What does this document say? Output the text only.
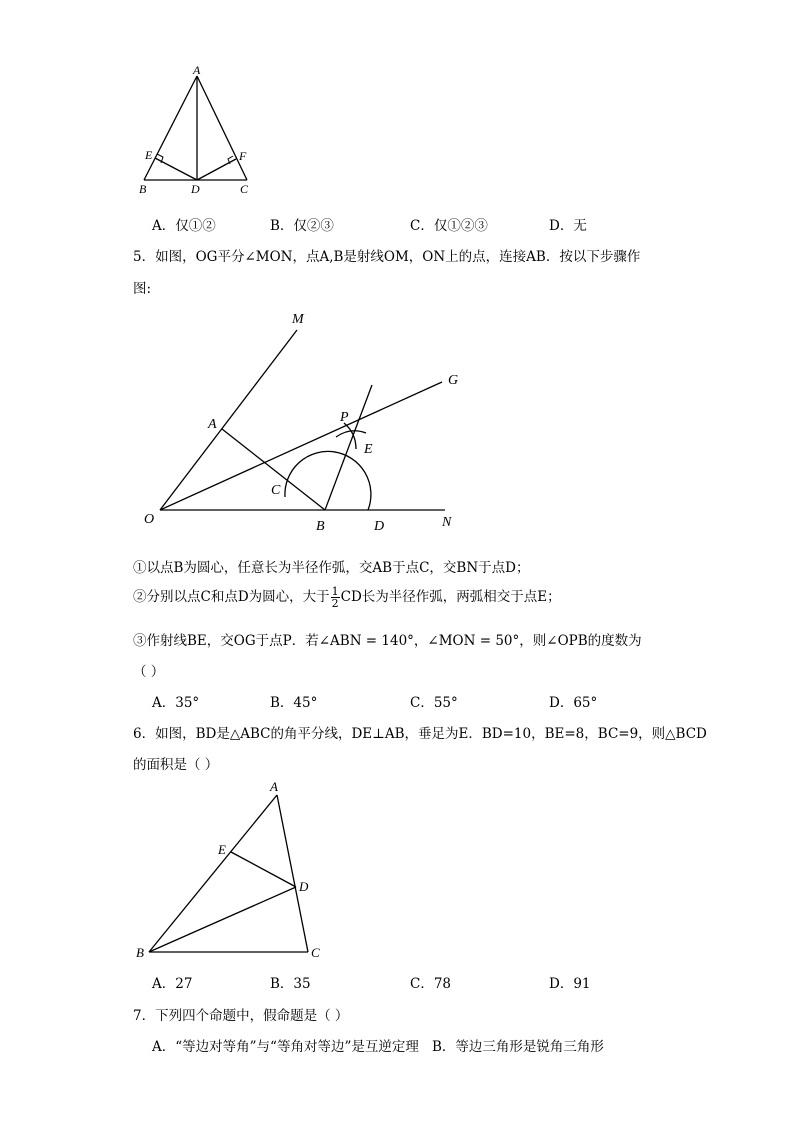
A
E	F
B	D	C
A．仅①②	B．仅②③	C．仅①②③	D．无
5．如图，OG平分∠MON，点A,B是射线OM，ON上的点，连接AB．按以下步骤作
图:
M
G
A	P
E
C
O	B	D	N
①以点B为圆心，任意长为半径作弧，交AB于点C，交BN于点D；
②分别以点C和点D为圆心，大于 $\frac{1}{2}$ CD长为半径作弧，两弧相交于点E；
③作射线BE，交OG于点P．若∠ABN = 140°，∠MON = 50°，则∠OPB的度数为
（ ）
A．35°	B．45°	C．55°	D．65°
6．如图，BD是△ABC的角平分线，DE⊥AB，垂足为E．BD=10，BE=8，BC=9，则△BCD
的面积是（ ）
A
E
D
B	C
A．27	B．35	C．78	D．91
7．下列四个命题中，假命题是（ ）
A．“等边对等角”与“等角对等边”是互逆定理 B．等边三角形是锐角三角形
